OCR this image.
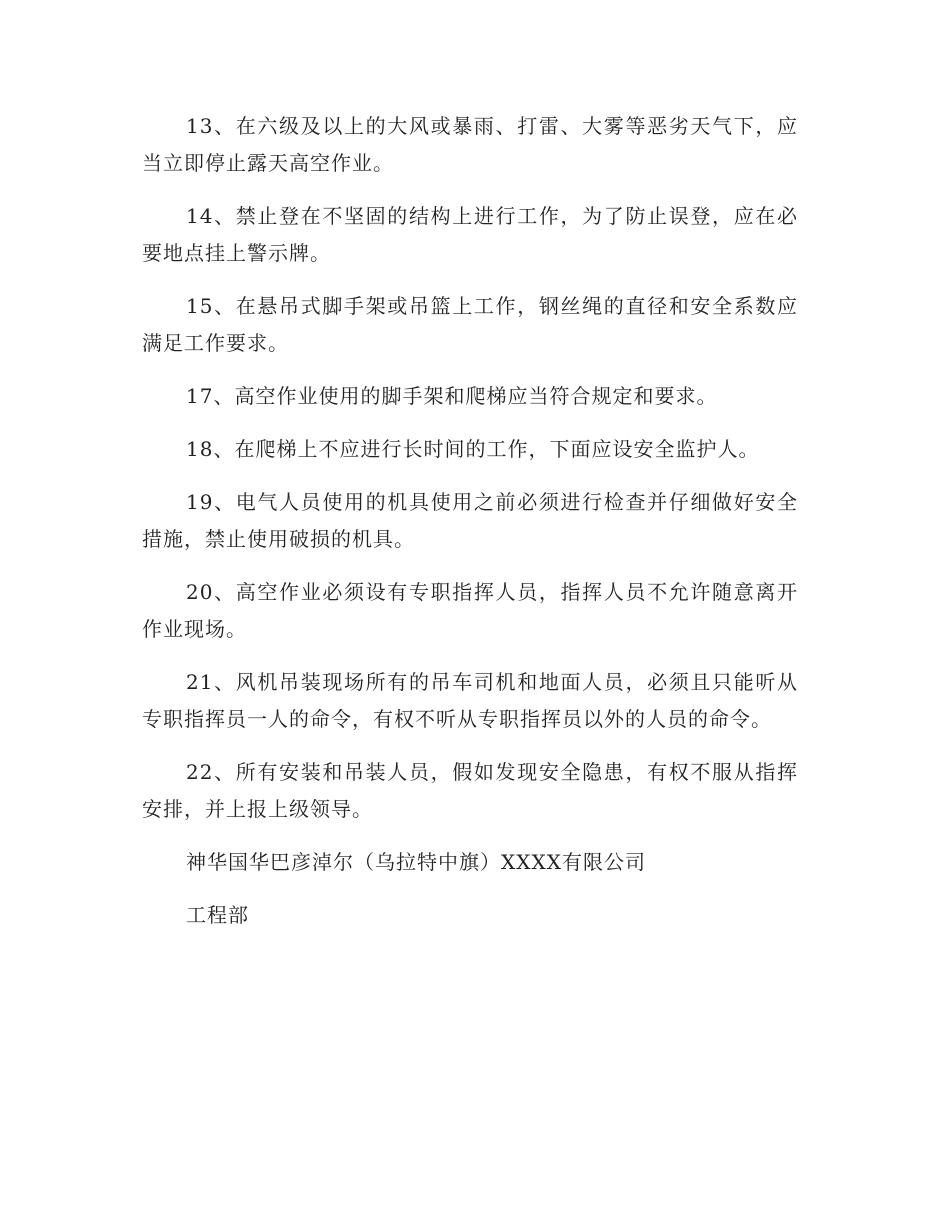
13、在六级及以上的大风或暴雨、打雷、大雾等恶劣天气下，应当立即停止露天高空作业。

14、禁止登在不坚固的结构上进行工作，为了防止误登，应在必要地点挂上警示牌。

15、在悬吊式脚手架或吊篮上工作，钢丝绳的直径和安全系数应满足工作要求。

17、高空作业使用的脚手架和爬梯应当符合规定和要求。

18、在爬梯上不应进行长时间的工作，下面应设安全监护人。

19、电气人员使用的机具使用之前必须进行检查并仔细做好安全措施，禁止使用破损的机具。

20、高空作业必须设有专职指挥人员，指挥人员不允许随意离开作业现场。

21、风机吊装现场所有的吊车司机和地面人员，必须且只能听从专职指挥员一人的命令，有权不听从专职指挥员以外的人员的命令。

22、所有安装和吊装人员，假如发现安全隐患，有权不服从指挥安排，并上报上级领导。

神华国华巴彦淖尔（乌拉特中旗）XXXX有限公司

工程部
